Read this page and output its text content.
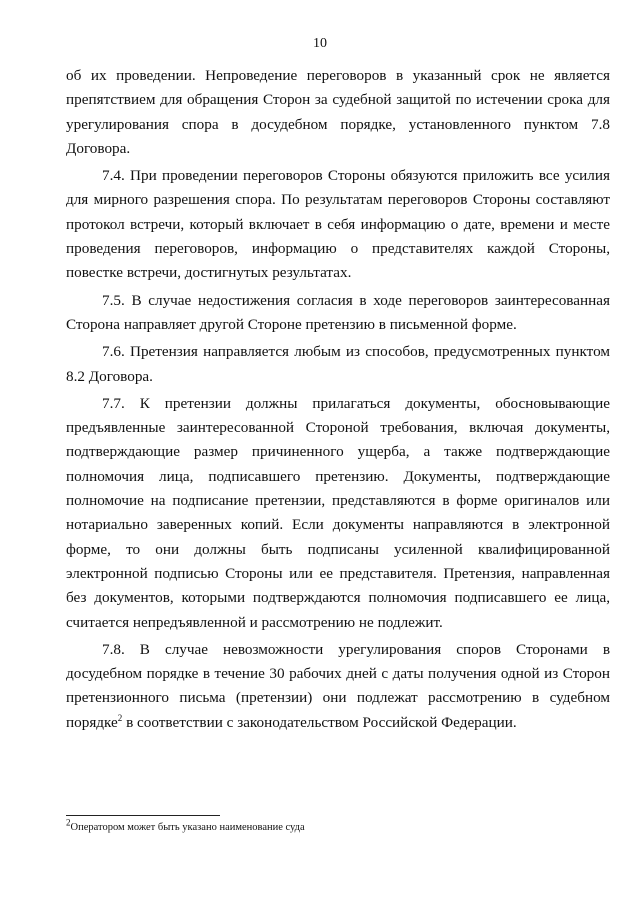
10

об их проведении. Непроведение переговоров в указанный срок не является препятствием для обращения Сторон за судебной защитой по истечении срока для урегулирования спора в досудебном порядке, установленного пунктом 7.8 Договора.

7.4. При проведении переговоров Стороны обязуются приложить все усилия для мирного разрешения спора. По результатам переговоров Стороны составляют протокол встречи, который включает в себя информацию о дате, времени и месте проведения переговоров, информацию о представителях каждой Стороны, повестке встречи, достигнутых результатах.

7.5. В случае недостижения согласия в ходе переговоров заинтересованная Сторона направляет другой Стороне претензию в письменной форме.

7.6. Претензия направляется любым из способов, предусмотренных пунктом 8.2 Договора.

7.7. К претензии должны прилагаться документы, обосновывающие предъявленные заинтересованной Стороной требования, включая документы, подтверждающие размер причиненного ущерба, а также подтверждающие полномочия лица, подписавшего претензию. Документы, подтверждающие полномочие на подписание претензии, представляются в форме оригиналов или нотариально заверенных копий. Если документы направляются в электронной форме, то они должны быть подписаны усиленной квалифицированной электронной подписью Стороны или ее представителя. Претензия, направленная без документов, которыми подтверждаются полномочия подписавшего ее лица, считается непредъявленной и рассмотрению не подлежит.

7.8. В случае невозможности урегулирования споров Сторонами в досудебном порядке в течение 30 рабочих дней с даты получения одной из Сторон претензионного письма (претензии) они подлежат рассмотрению в судебном порядке$^2$ в соответствии с законодательством Российской Федерации.

2Оператором может быть указано наименование суда
